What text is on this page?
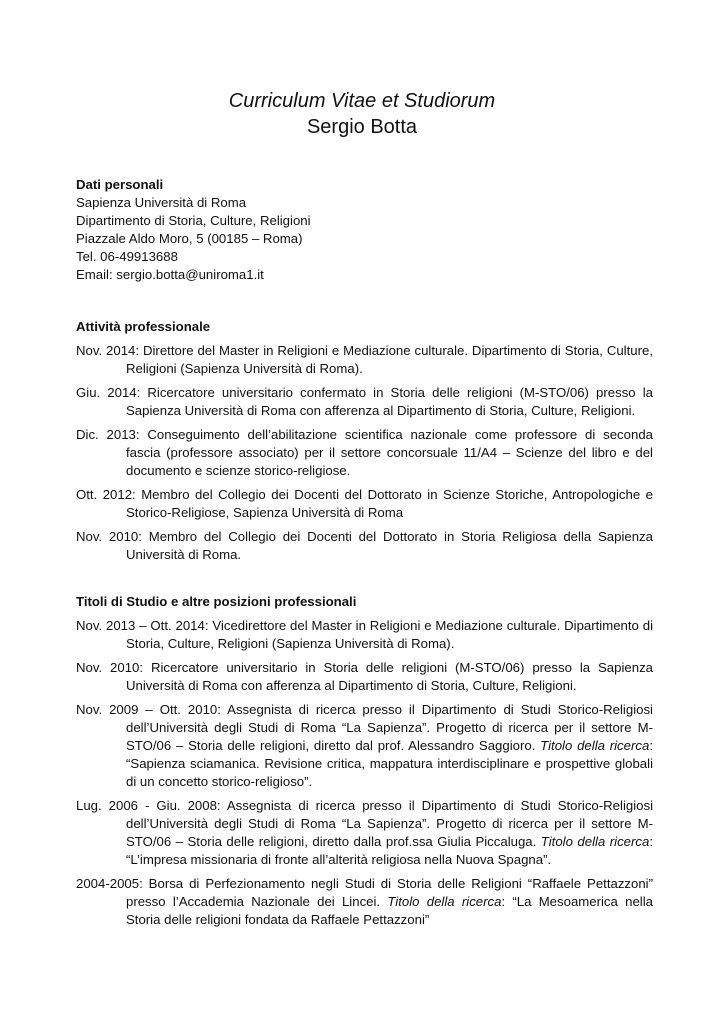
Curriculum Vitae et Studiorum
Sergio Botta
Dati personali
Sapienza Università di Roma
Dipartimento di Storia, Culture, Religioni
Piazzale Aldo Moro, 5 (00185 – Roma)
Tel. 06-49913688
Email: sergio.botta@uniroma1.it
Attività professionale
Nov. 2014: Direttore del Master in Religioni e Mediazione culturale. Dipartimento di Storia, Culture, Religioni (Sapienza Università di Roma).
Giu. 2014: Ricercatore universitario confermato in Storia delle religioni (M-STO/06) presso la Sapienza Università di Roma con afferenza al Dipartimento di Storia, Culture, Religioni.
Dic. 2013: Conseguimento dell’abilitazione scientifica nazionale come professore di seconda fascia (professore associato) per il settore concorsuale 11/A4 – Scienze del libro e del documento e scienze storico-religiose.
Ott. 2012: Membro del Collegio dei Docenti del Dottorato in Scienze Storiche, Antropologiche e Storico-Religiose, Sapienza Università di Roma
Nov. 2010: Membro del Collegio dei Docenti del Dottorato in Storia Religiosa della Sapienza Università di Roma.
Titoli di Studio e altre posizioni professionali
Nov. 2013 – Ott. 2014: Vicedirettore del Master in Religioni e Mediazione culturale. Dipartimento di Storia, Culture, Religioni (Sapienza Università di Roma).
Nov. 2010: Ricercatore universitario in Storia delle religioni (M-STO/06) presso la Sapienza Università di Roma con afferenza al Dipartimento di Storia, Culture, Religioni.
Nov. 2009 – Ott. 2010: Assegnista di ricerca presso il Dipartimento di Studi Storico-Religiosi dell’Università degli Studi di Roma “La Sapienza”. Progetto di ricerca per il settore M-STO/06 – Storia delle religioni, diretto dal prof. Alessandro Saggioro. Titolo della ricerca: “Sapienza sciamanica. Revisione critica, mappatura interdisciplinare e prospettive globali di un concetto storico-religioso”.
Lug. 2006 - Giu. 2008: Assegnista di ricerca presso il Dipartimento di Studi Storico-Religiosi dell’Università degli Studi di Roma “La Sapienza”. Progetto di ricerca per il settore M-STO/06 – Storia delle religioni, diretto dalla prof.ssa Giulia Piccaluga. Titolo della ricerca: “L’impresa missionaria di fronte all’alterità religiosa nella Nuova Spagna”.
2004-2005: Borsa di Perfezionamento negli Studi di Storia delle Religioni “Raffaele Pettazzoni” presso l’Accademia Nazionale dei Lincei. Titolo della ricerca: “La Mesoamerica nella Storia delle religioni fondata da Raffaele Pettazzoni”
